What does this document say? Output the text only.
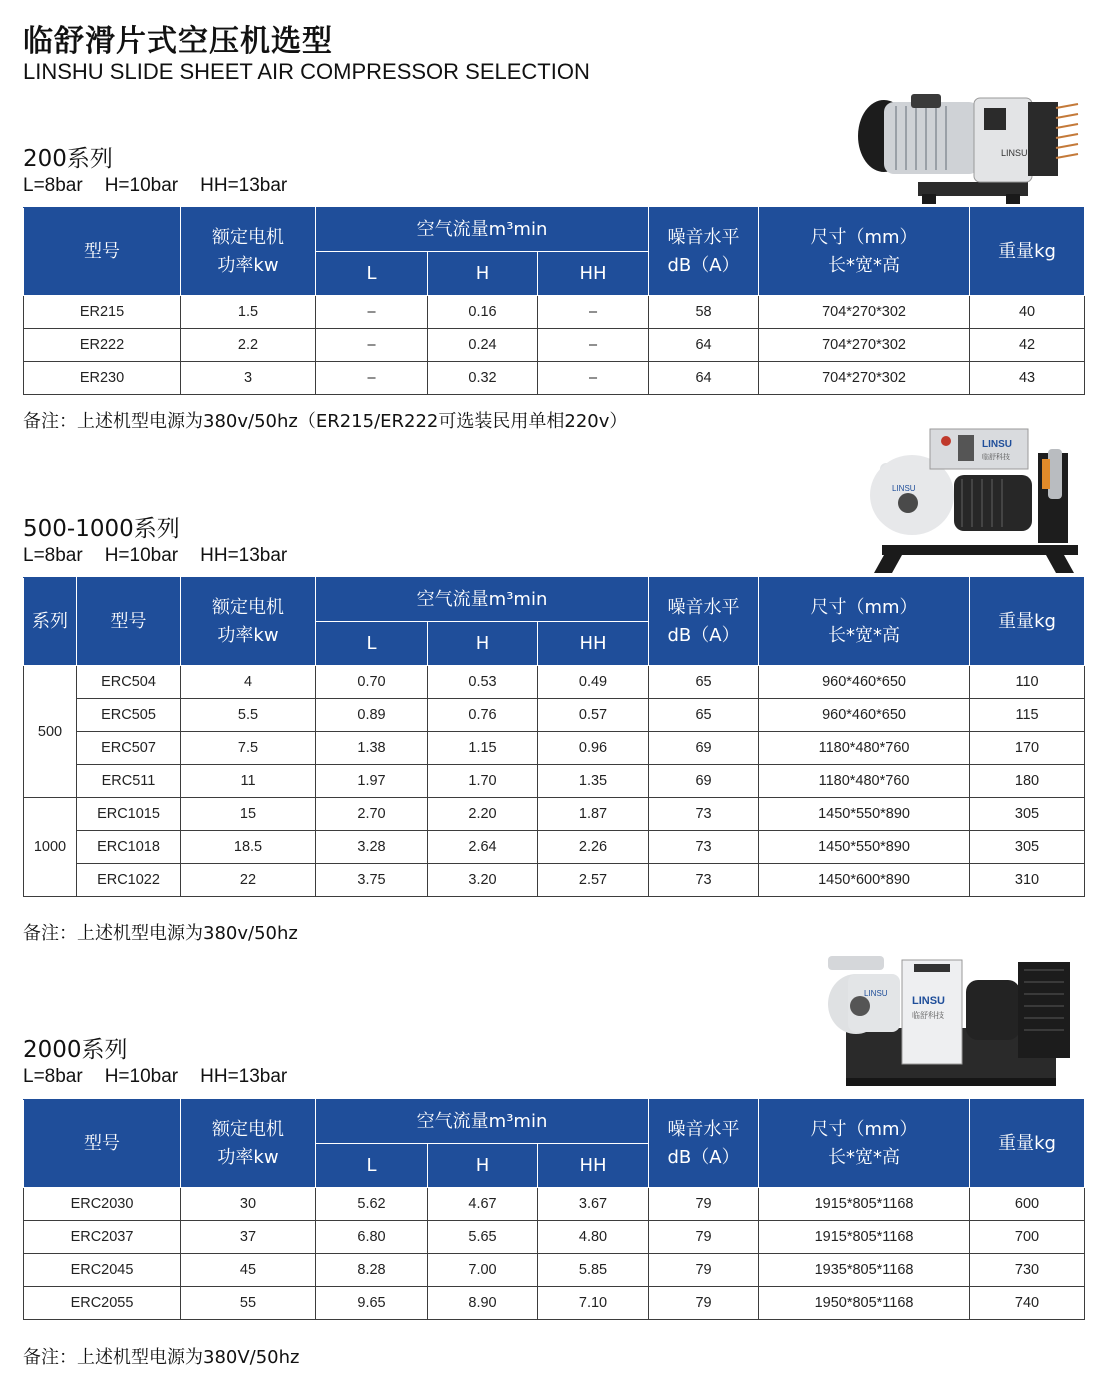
临舒滑片式空压机选型
LINSHU SLIDE SHEET AIR COMPRESSOR SELECTION
LINSU
200系列
L=8bar H=10bar HH=13bar
型号	额定电机
功率kw	空气流量m³min			噪音水平
dB（A）	尺寸（mm）
长*宽*高	重量kg
		L	H	HH			
ER215	1.5	–	0.16	–	58	704*270*302	40
ER222	2.2	–	0.24	–	64	704*270*302	42
ER230	3	–	0.32	–	64	704*270*302	43
备注：上述机型电源为380v/50hz（ER215/ER222可选装民用单相220v）
LINSU
LINSU
临舒科技
500-1000系列
L=8bar H=10bar HH=13bar
系列	型号	额定电机
功率kw	空气流量m³min			噪音水平
dB（A）	尺寸（mm）
长*宽*高	重量kg
			L	H	HH			
500	ERC504	4	0.70	0.53	0.49	65	960*460*650	110
	ERC505	5.5	0.89	0.76	0.57	65	960*460*650	115
	ERC507	7.5	1.38	1.15	0.96	69	1180*480*760	170
	ERC511	11	1.97	1.70	1.35	69	1180*480*760	180
1000	ERC1015	15	2.70	2.20	1.87	73	1450*550*890	305
	ERC1018	18.5	3.28	2.64	2.26	73	1450*550*890	305
	ERC1022	22	3.75	3.20	2.57	73	1450*600*890	310
备注：上述机型电源为380v/50hz
LINSU
LINSU
临舒科技
2000系列
L=8bar H=10bar HH=13bar
型号	额定电机
功率kw	空气流量m³min			噪音水平
dB（A）	尺寸（mm）
长*宽*高	重量kg
		L	H	HH			
ERC2030	30	5.62	4.67	3.67	79	1915*805*1168	600
ERC2037	37	6.80	5.65	4.80	79	1915*805*1168	700
ERC2045	45	8.28	7.00	5.85	79	1935*805*1168	730
ERC2055	55	9.65	8.90	7.10	79	1950*805*1168	740
备注：上述机型电源为380V/50hz
